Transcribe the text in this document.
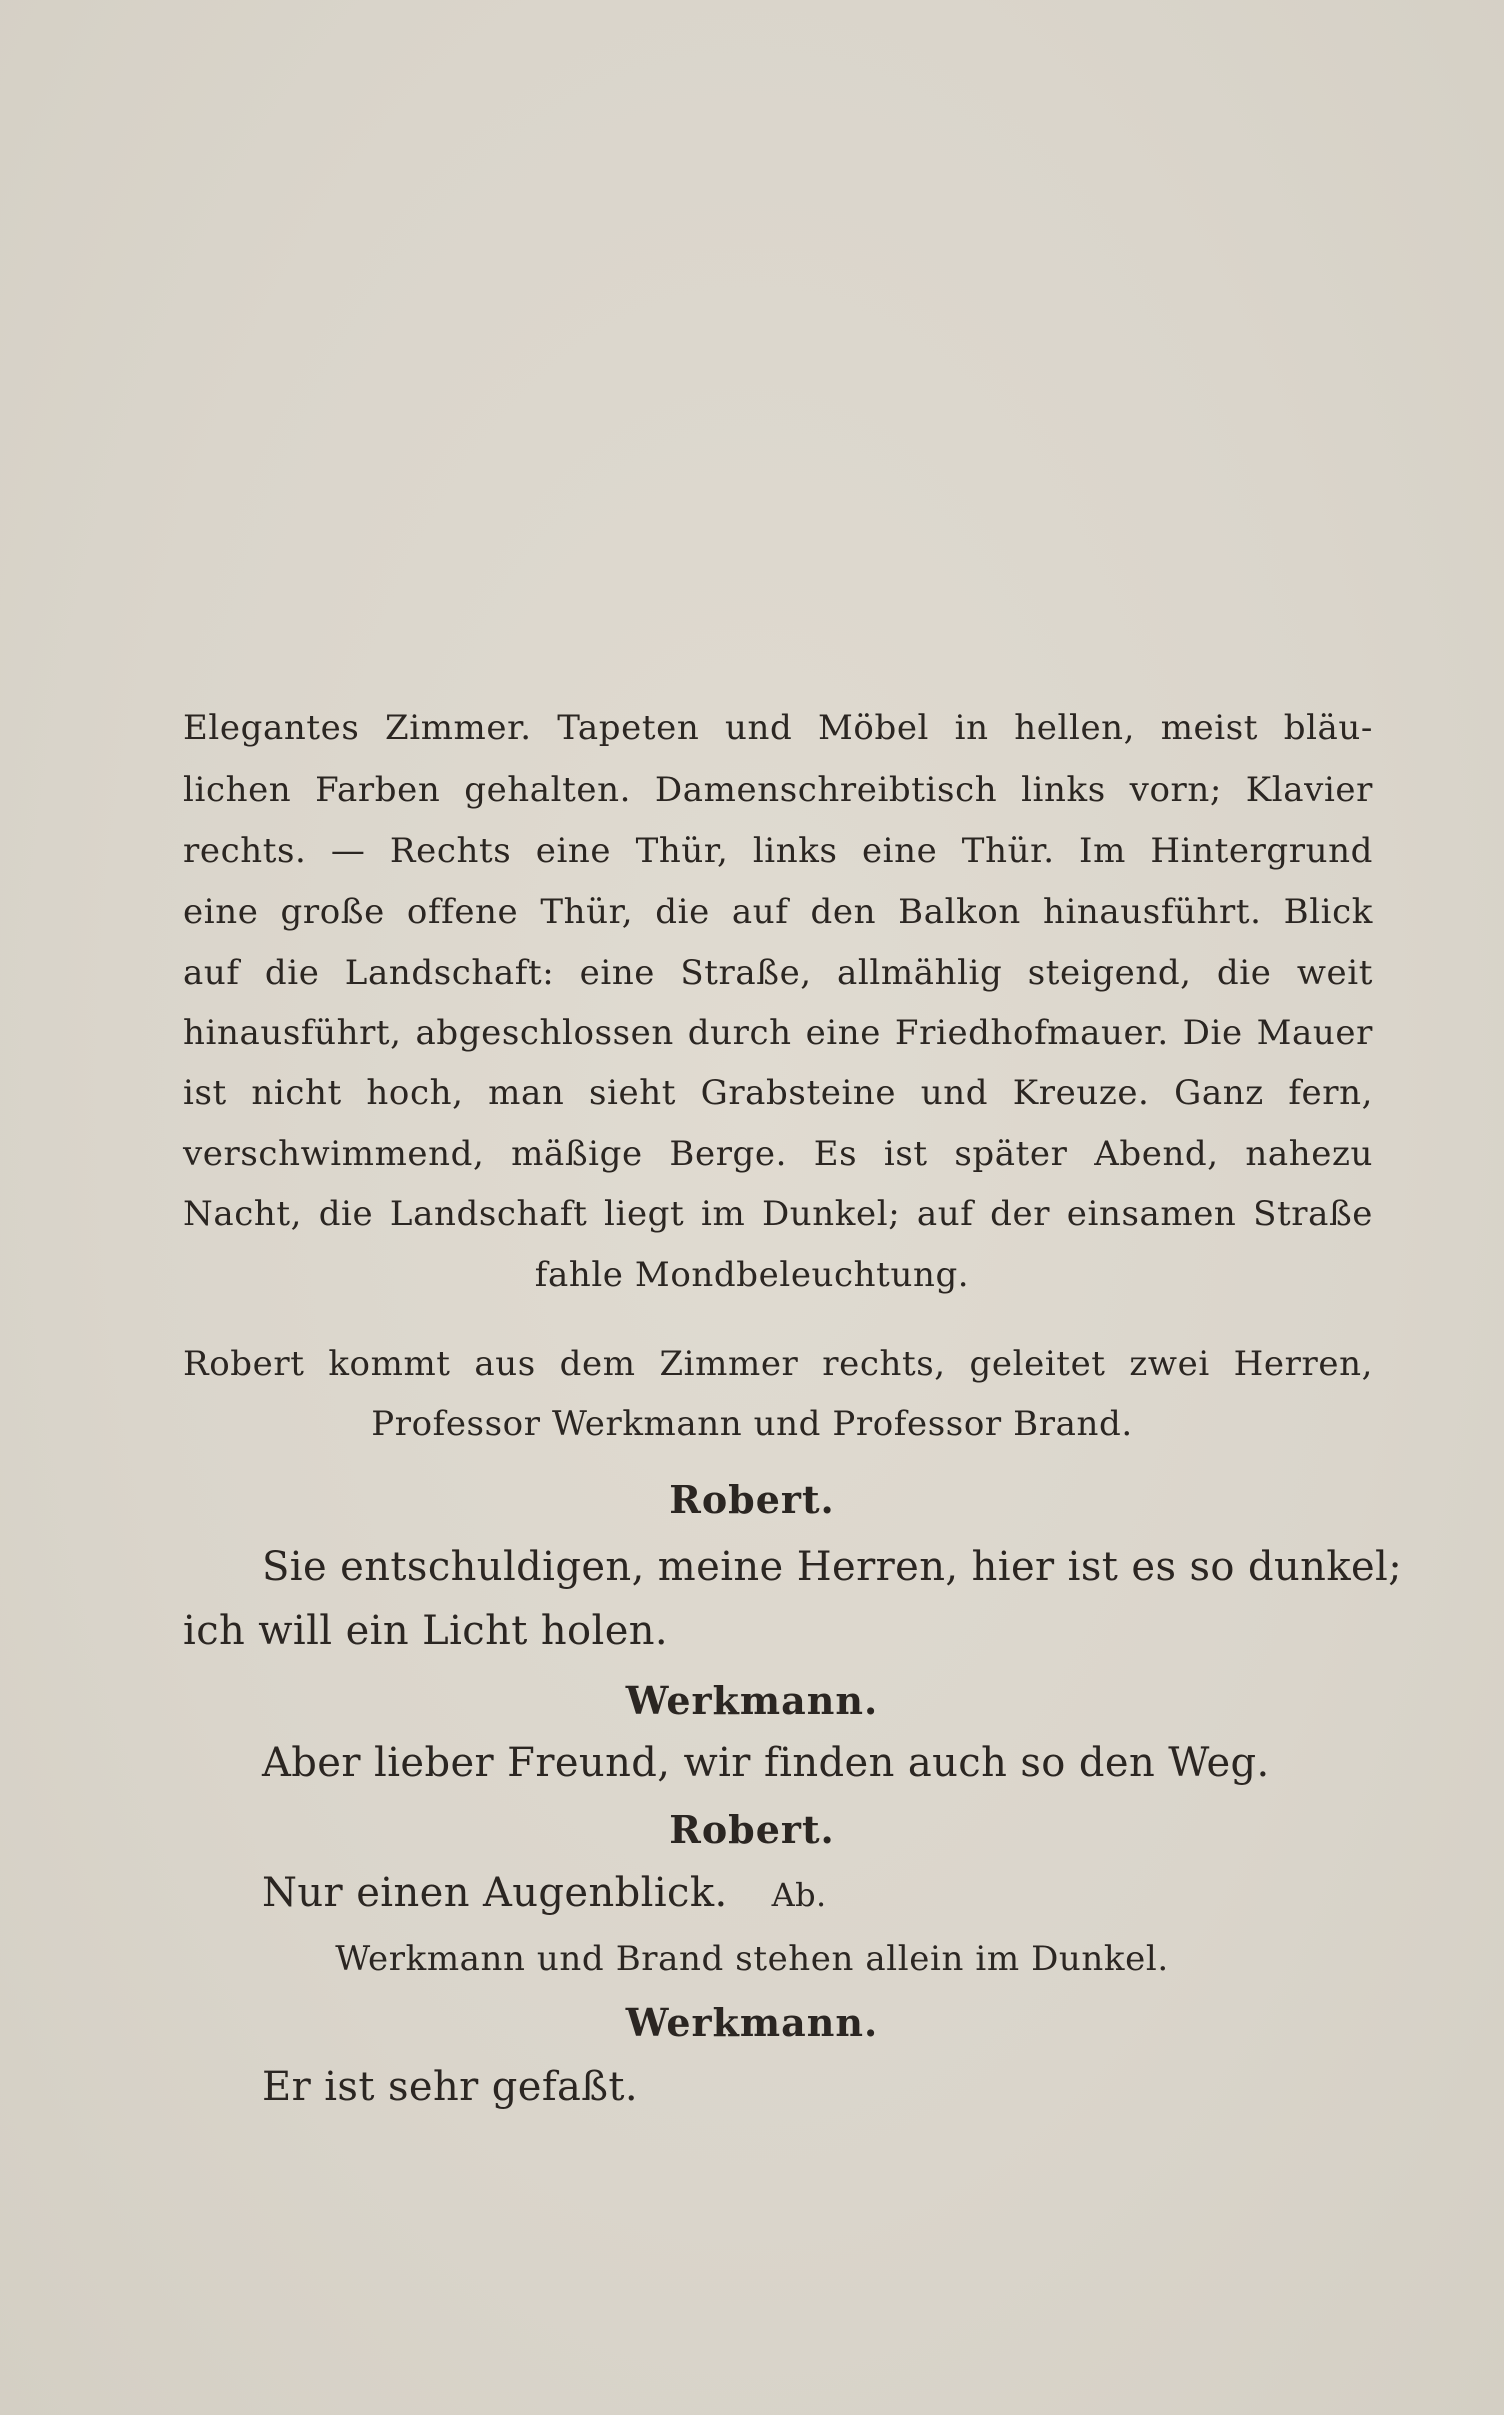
Elegantes Zimmer. Tapeten und Möbel in hellen, meist bläu-
lichen Farben gehalten. Damenschreibtisch links vorn; Klavier
rechts. — Rechts eine Thür, links eine Thür. Im Hintergrund
eine große offene Thür, die auf den Balkon hinausführt. Blick
auf die Landschaft: eine Straße, allmählig steigend, die weit
hinausführt, abgeschlossen durch eine Friedhofmauer. Die Mauer
ist nicht hoch, man sieht Grabsteine und Kreuze. Ganz fern,
verschwimmend, mäßige Berge. Es ist später Abend, nahezu
Nacht, die Landschaft liegt im Dunkel; auf der einsamen Straße
fahle Mondbeleuchtung.
Robert kommt aus dem Zimmer rechts, geleitet zwei Herren,
Professor Werkmann und Professor Brand.
Robert.
Sie entschuldigen, meine Herren, hier ist es so dunkel;
ich will ein Licht holen.
Werkmann.
Aber lieber Freund, wir finden auch so den Weg.
Robert.
Nur einen Augenblick. Ab.
Werkmann und Brand stehen allein im Dunkel.
Werkmann.
Er ist sehr gefaßt.
